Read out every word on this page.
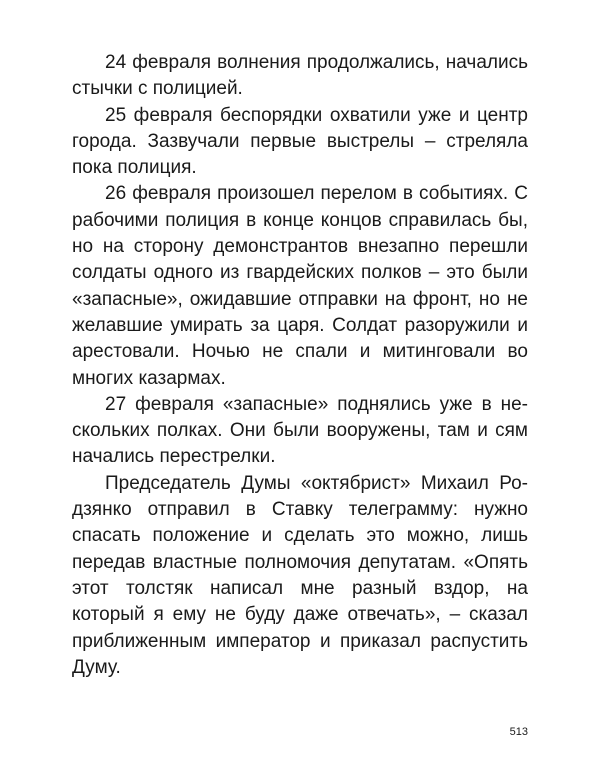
24 февраля волнения продолжались, начались стычки с полицией.

25 февраля беспорядки охватили уже и центр города. Зазвучали первые выстрелы – стреляла пока полиция.

26 февраля произошел перелом в событиях. С рабочими полиция в конце концов справилась бы, но на сторону демонстрантов внезапно перешли солдаты одного из гвардейских полков – это были «запасные», ожидавшие отправки на фронт, но не желавшие умирать за царя. Солдат разоружили и арестовали. Ночью не спали и митинговали во многих казармах.

27 февраля «запасные» поднялись уже в нескольких полках. Они были вооружены, там и сям начались перестрелки.

Председатель Думы «октябрист» Михаил Родзянко отправил в Ставку телеграмму: нужно спасать положение и сделать это можно, лишь передав властные полномочия депутатам. «Опять этот толстяк написал мне разный вздор, на который я ему не буду даже отвечать», – сказал приближенным император и приказал распустить Думу.

513
